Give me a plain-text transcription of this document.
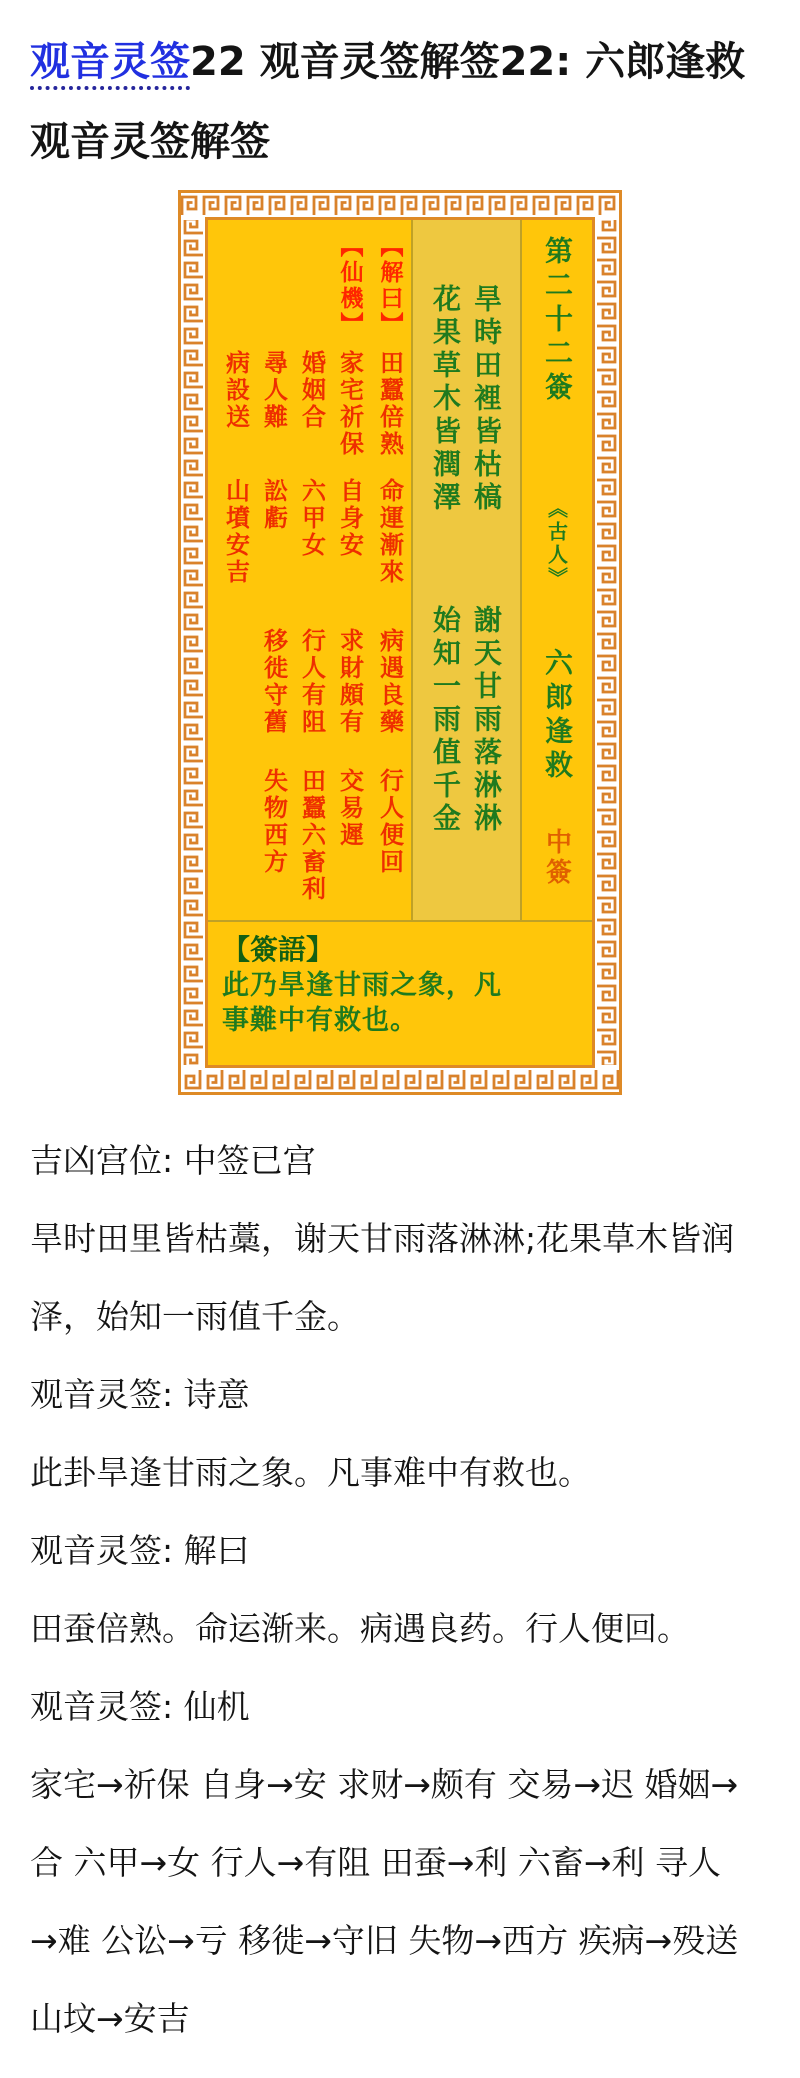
观音灵签22 观音灵签解签22: 六郎逢救观音灵签解签
【解曰】
田蠶倍熟
命運漸來
病遇良藥
行人便回
【仙機】
家宅祈保
自身安
求財頗有
交易遲
婚姻合
六甲女
行人有阻
田蠶六畜利
尋人難
訟虧
移徙守舊
失物西方
病設送
山墳安吉
旱時田裡皆枯槁
謝天甘雨落淋淋
花果草木皆潤澤
始知一雨值千金
第二十二簽
《古人》
六郎逢救
中簽
【簽語】
此乃旱逢甘雨之象，凡事難中有救也。

吉凶宫位: 中签已宫

旱时田里皆枯藁，谢天甘雨落淋淋;花果草木皆润泽，始知一雨值千金。

观音灵签: 诗意

此卦旱逢甘雨之象。凡事难中有救也。

观音灵签: 解曰

田蚕倍熟。命运渐来。病遇良药。行人便回。

观音灵签: 仙机

家宅→祈保 自身→安 求财→颇有 交易→迟 婚姻→合 六甲→女 行人→有阻 田蚕→利 六畜→利 寻人→难 公讼→亏 移徙→守旧 失物→西方 疾病→殁送 山坟→安吉
